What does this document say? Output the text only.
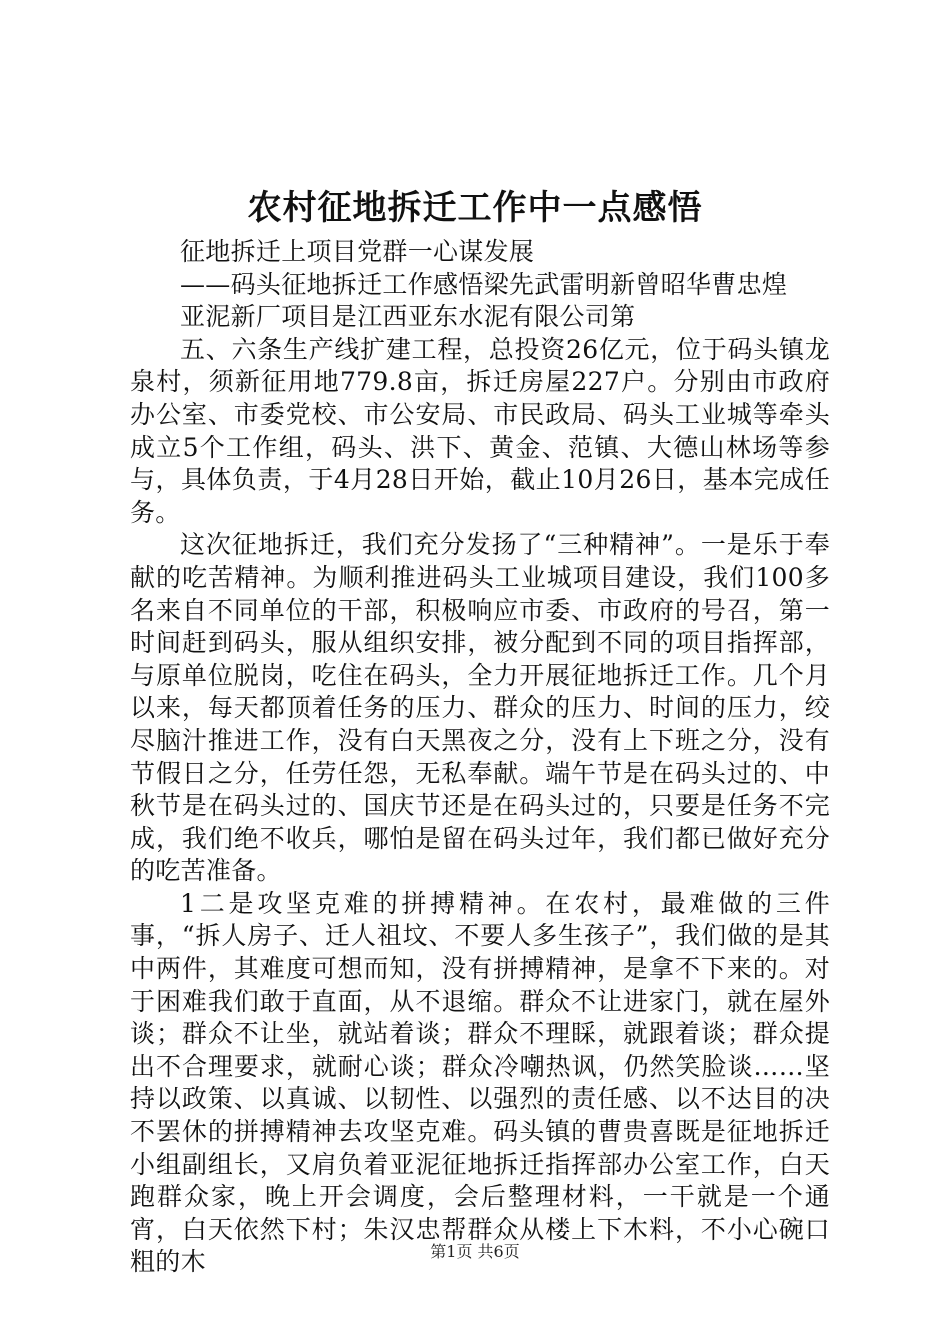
农村征地拆迁工作中一点感悟

征地拆迁上项目党群一心谋发展

——码头征地拆迁工作感悟梁先武雷明新曾昭华曹忠煌

亚泥新厂项目是江西亚东水泥有限公司第

五、六条生产线扩建工程，总投资26亿元，位于码头镇龙泉村，须新征用地779.8亩，拆迁房屋227户。分别由市政府办公室、市委党校、市公安局、市民政局、码头工业城等牵头成立5个工作组，码头、洪下、黄金、范镇、大德山林场等参与，具体负责，于4月28日开始，截止10月26日，基本完成任务。

这次征地拆迁，我们充分发扬了“三种精神”。一是乐于奉献的吃苦精神。为顺利推进码头工业城项目建设，我们100多名来自不同单位的干部，积极响应市委、市政府的号召，第一时间赶到码头，服从组织安排，被分配到不同的项目指挥部，与原单位脱岗，吃住在码头，全力开展征地拆迁工作。几个月以来，每天都顶着任务的压力、群众的压力、时间的压力，绞尽脑汁推进工作，没有白天黑夜之分，没有上下班之分，没有节假日之分，任劳任怨，无私奉献。端午节是在码头过的、中秋节是在码头过的、国庆节还是在码头过的，只要是任务不完成，我们绝不收兵，哪怕是留在码头过年，我们都已做好充分的吃苦准备。

1二是攻坚克难的拼搏精神。在农村，最难做的三件事，“拆人房子、迁人祖坟、不要人多生孩子”，我们做的是其中两件，其难度可想而知，没有拼搏精神，是拿不下来的。对于困难我们敢于直面，从不退缩。群众不让进家门，就在屋外谈；群众不让坐，就站着谈；群众不理睬，就跟着谈；群众提出不合理要求，就耐心谈；群众冷嘲热讽，仍然笑脸谈……坚持以政策、以真诚、以韧性、以强烈的责任感、以不达目的决不罢休的拼搏精神去攻坚克难。码头镇的曹贵喜既是征地拆迁小组副组长，又肩负着亚泥征地拆迁指挥部办公室工作，白天跑群众家，晚上开会调度，会后整理材料，一干就是一个通宵，白天依然下村；朱汉忠帮群众从楼上下木料，不小心碗口粗的木	第1页 共6页
